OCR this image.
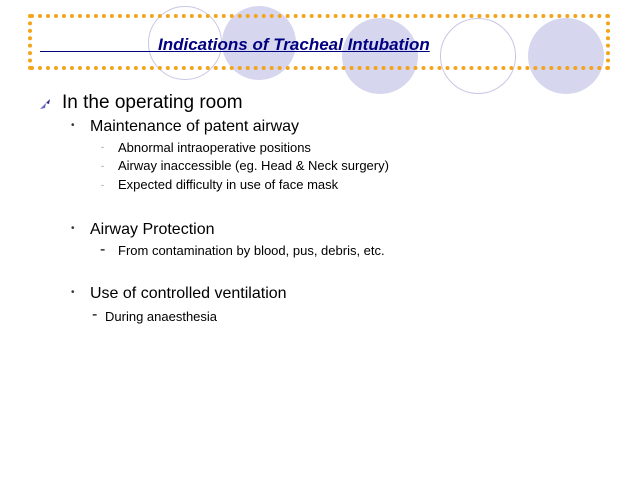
Indications of Tracheal Intubation
In the operating room
• Maintenance of patent airway
- Abnormal intraoperative positions
- Airway inaccessible (eg. Head & Neck surgery)
- Expected difficulty in use of face mask
• Airway Protection
- From contamination by blood, pus, debris, etc.
• Use of controlled ventilation
- During anaesthesia
